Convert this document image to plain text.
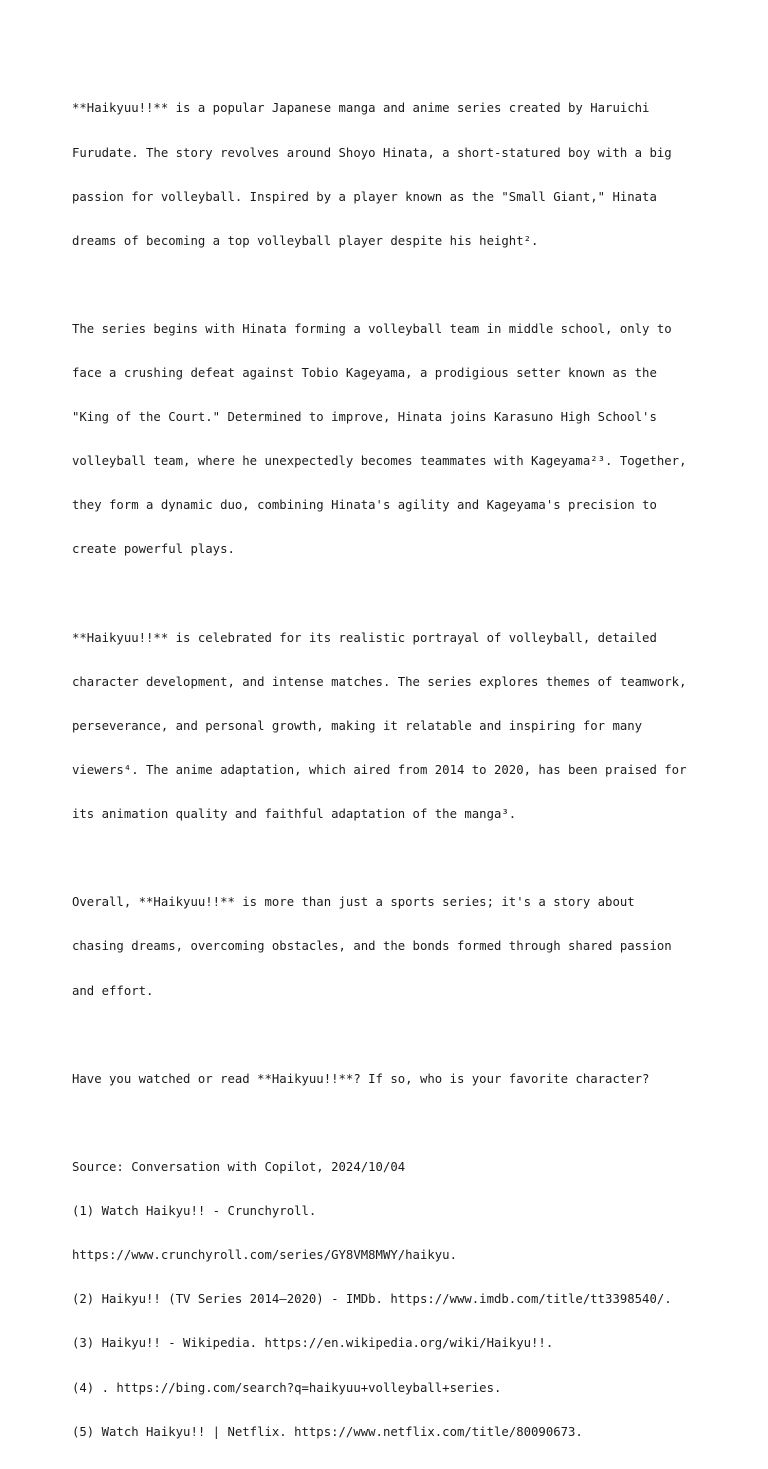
**Haikyuu!!** is a popular Japanese manga and anime series created by Haruichi

Furudate. The story revolves around Shoyo Hinata, a short-statured boy with a big

passion for volleyball. Inspired by a player known as the "Small Giant," Hinata

dreams of becoming a top volleyball player despite his height².

The series begins with Hinata forming a volleyball team in middle school, only to

face a crushing defeat against Tobio Kageyama, a prodigious setter known as the

"King of the Court." Determined to improve, Hinata joins Karasuno High School's

volleyball team, where he unexpectedly becomes teammates with Kageyama²³. Together,

they form a dynamic duo, combining Hinata's agility and Kageyama's precision to

create powerful plays.

**Haikyuu!!** is celebrated for its realistic portrayal of volleyball, detailed

character development, and intense matches. The series explores themes of teamwork,

perseverance, and personal growth, making it relatable and inspiring for many

viewers⁴. The anime adaptation, which aired from 2014 to 2020, has been praised for

its animation quality and faithful adaptation of the manga³.

Overall, **Haikyuu!!** is more than just a sports series; it's a story about

chasing dreams, overcoming obstacles, and the bonds formed through shared passion

and effort.

Have you watched or read **Haikyuu!!**? If so, who is your favorite character?

Source: Conversation with Copilot, 2024/10/04

(1) Watch Haikyu!! - Crunchyroll.

https://www.crunchyroll.com/series/GY8VM8MWY/haikyu.

(2) Haikyu!! (TV Series 2014–2020) - IMDb. https://www.imdb.com/title/tt3398540/.

(3) Haikyu!! - Wikipedia. https://en.wikipedia.org/wiki/Haikyu!!.

(4) . https://bing.com/search?q=haikyuu+volleyball+series.

(5) Watch Haikyu!! | Netflix. https://www.netflix.com/title/80090673.
